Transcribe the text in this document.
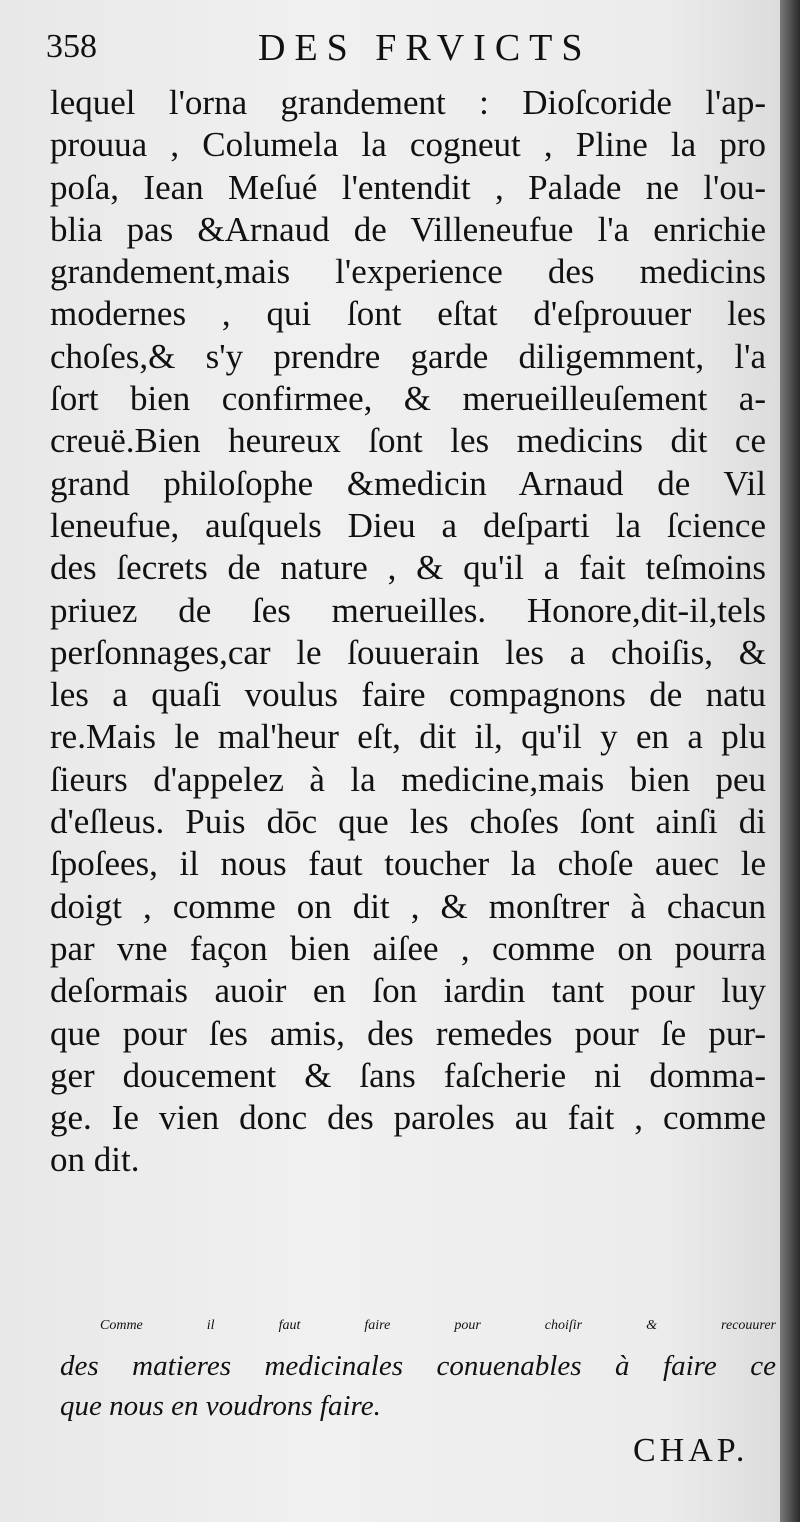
358	DES FRVICTS
lequel l'orna grandement : Dioſcoride l'ap-
prouua , Columela la cogneut , Pline la pro
poſa, Iean Meſué l'entendit , Palade ne l'ou-
blia pas &Arnaud de Villeneufue l'a enrichie
grandement,mais l'experience des medicins
modernes , qui ſont eſtat d'eſprouuer les
choſes,& s'y prendre garde diligemment, l'a
ſort bien confirmee, & merueilleuſement a-
creuë.Bien heureux ſont les medicins dit ce
grand philoſophe &medicin Arnaud de Vil
leneufue, auſquels Dieu a deſparti la ſcience
des ſecrets de nature , & qu'il a fait teſmoins
priuez de ſes merueilles. Honore,dit-il,tels
perſonnages,car le ſouuerain les a choiſis, &
les a quaſi voulus faire compagnons de natu
re.Mais le mal'heur eſt, dit il, qu'il y en a plu
ſieurs d'appelez à la medicine,mais bien peu
d'eſleus. Puis dōc que les choſes ſont ainſi di
ſpoſees, il nous faut toucher la choſe auec le
doigt , comme on dit , & monſtrer à chacun
par vne façon bien aiſee , comme on pourra
deſormais auoir en ſon iardin tant pour luy
que pour ſes amis, des remedes pour ſe pur-
ger doucement & ſans faſcherie ni domma-
ge. Ie vien donc des paroles au fait , comme
on dit.
Comme il faut faire pour choiſir & recouurer
des matieres medicinales conuenables à faire ce
que nous en voudrons faire.
CHAP.
